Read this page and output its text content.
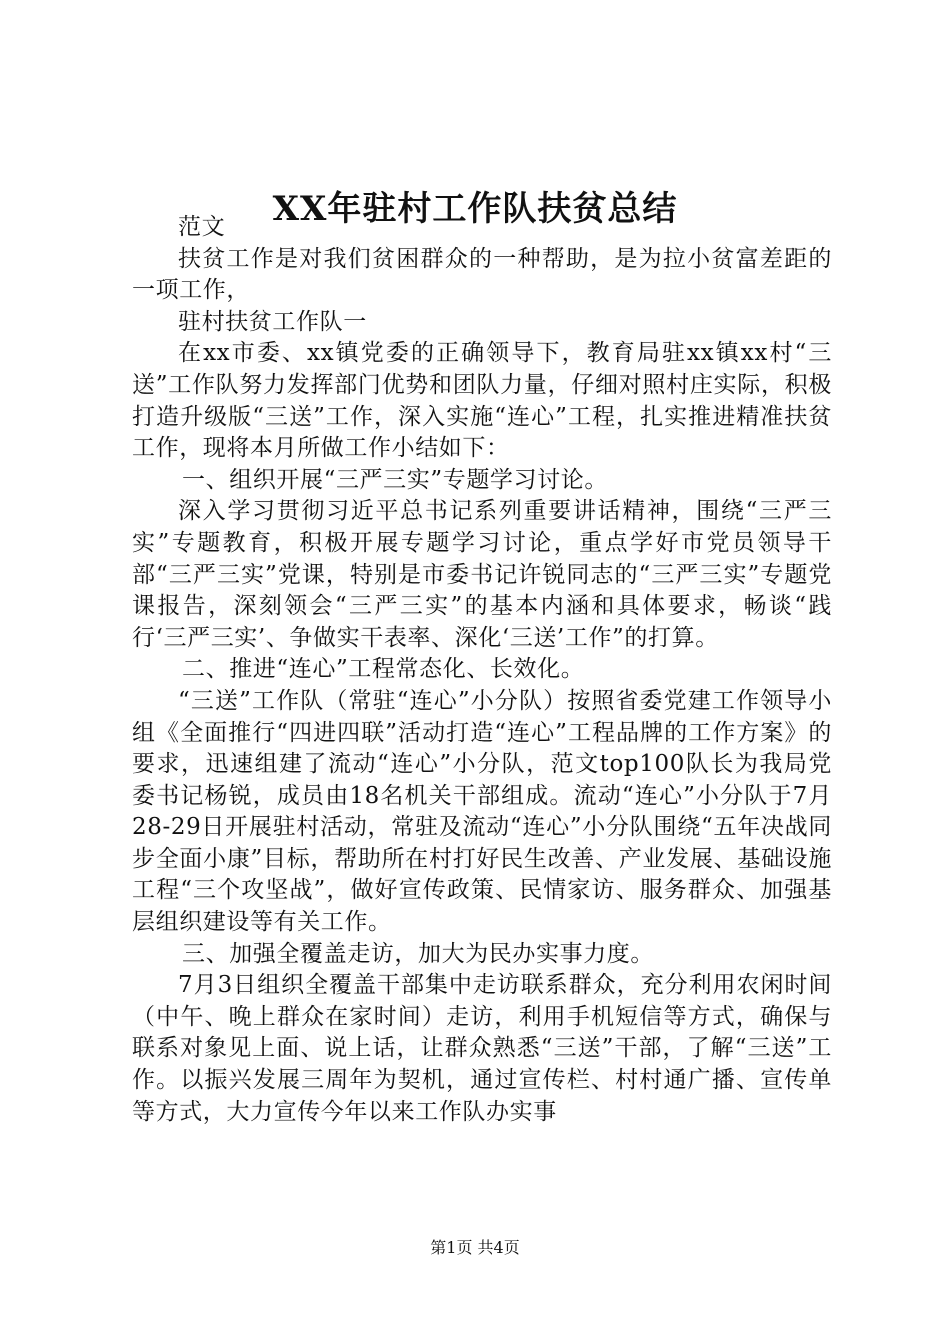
XX年驻村工作队扶贫总结

范文

扶贫工作是对我们贫困群众的一种帮助，是为拉小贫富差距的一项工作，

驻村扶贫工作队一

在xx市委、xx镇党委的正确领导下，教育局驻xx镇xx村“三送”工作队努力发挥部门优势和团队力量，仔细对照村庄实际，积极打造升级版“三送”工作，深入实施“连心”工程，扎实推进精准扶贫工作，现将本月所做工作小结如下：

一、组织开展“三严三实”专题学习讨论。

深入学习贯彻习近平总书记系列重要讲话精神，围绕“三严三实”专题教育，积极开展专题学习讨论，重点学好市党员领导干部“三严三实”党课，特别是市委书记许锐同志的“三严三实”专题党课报告，深刻领会“三严三实”的基本内涵和具体要求，畅谈“践行‘三严三实’、争做实干表率、深化‘三送’工作”的打算。

二、推进“连心”工程常态化、长效化。

“三送”工作队（常驻“连心”小分队）按照省委党建工作领导小组《全面推行“四进四联”活动打造“连心”工程品牌的工作方案》的要求，迅速组建了流动“连心”小分队，范文top100队长为我局党委书记杨锐，成员由18名机关干部组成。流动“连心”小分队于7月28-29日开展驻村活动，常驻及流动“连心”小分队围绕“五年决战同步全面小康”目标，帮助所在村打好民生改善、产业发展、基础设施工程“三个攻坚战”，做好宣传政策、民情家访、服务群众、加强基层组织建设等有关工作。

三、加强全覆盖走访，加大为民办实事力度。

7月3日组织全覆盖干部集中走访联系群众，充分利用农闲时间（中午、晚上群众在家时间）走访，利用手机短信等方式，确保与联系对象见上面、说上话，让群众熟悉“三送”干部，了解“三送”工作。以振兴发展三周年为契机，通过宣传栏、村村通广播、宣传单等方式，大力宣传今年以来工作队办实事

第1页 共4页
